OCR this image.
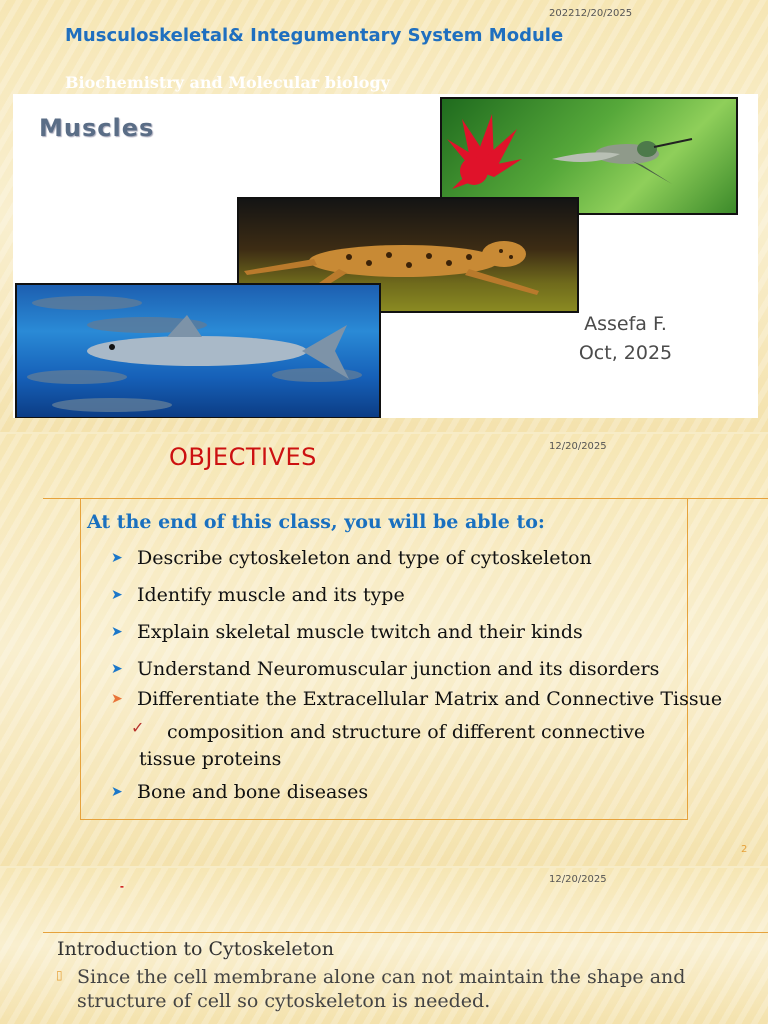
202212/20/2025
Musculoskeletal& Integumentary System Module
Biochemistry and Molecular biology
Muscles
Assefa F.
Oct, 2025
12/20/2025
OBJECTIVES

At the end of this class, you will be able to:

➤ Describe cytoskeleton and type of cytoskeleton
➤ Identify muscle and its type
➤ Explain skeletal muscle twitch and their kinds
➤ Understand Neuromuscular junction and its disorders
➤ Differentiate the Extracellular Matrix and Connective Tissue
✓ composition and structure of different connective tissue proteins
➤ Bone and bone diseases
2
12/20/2025
▬
Introduction to Cytoskeleton
▯ Since the cell membrane alone can not maintain the shape and structure of cell so cytoskeleton is needed.
